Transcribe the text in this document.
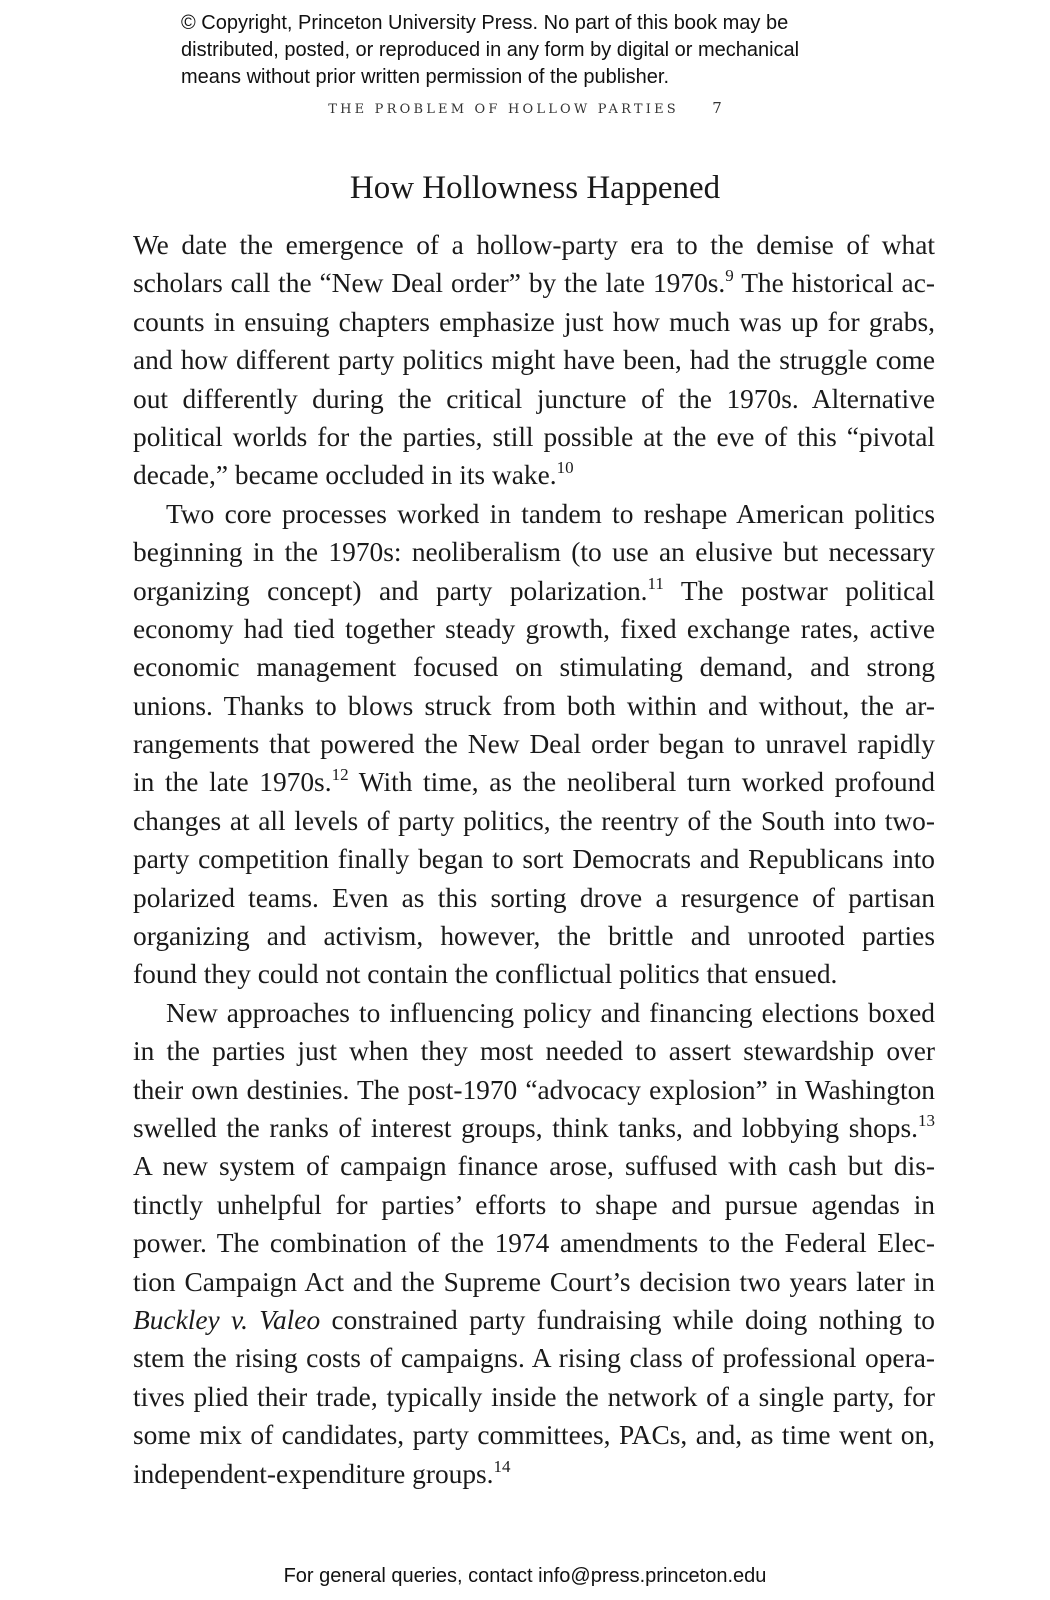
© Copyright, Princeton University Press. No part of this book may be
distributed, posted, or reproduced in any form by digital or mechanical
means without prior written permission of the publisher.
THE PROBLEM OF HOLLOW PARTIES 7
How Hollowness Happened
We date the emergence of a hollow-party era to the demise of what
scholars call the “New Deal order” by the late 1970s.$^9$ The historical ac-
counts in ensuing chapters emphasize just how much was up for grabs,
and how different party politics might have been, had the struggle come
out differently during the critical juncture of the 1970s. Alternative
political worlds for the parties, still possible at the eve of this “pivotal
decade,” became occluded in its wake.$^{10}$
Two core processes worked in tandem to reshape American politics
beginning in the 1970s: neoliberalism (to use an elusive but necessary
organizing concept) and party polarization.$^{11}$ The postwar political
economy had tied together steady growth, fixed exchange rates, active
economic management focused on stimulating demand, and strong
unions. Thanks to blows struck from both within and without, the ar-
rangements that powered the New Deal order began to unravel rapidly
in the late 1970s.$^{12}$ With time, as the neoliberal turn worked profound
changes at all levels of party politics, the reentry of the South into two-
party competition finally began to sort Democrats and Republicans into
polarized teams. Even as this sorting drove a resurgence of partisan
organizing and activism, however, the brittle and unrooted parties
found they could not contain the conflictual politics that ensued.
New approaches to influencing policy and financing elections boxed
in the parties just when they most needed to assert stewardship over
their own destinies. The post-1970 “advocacy explosion” in Washington
swelled the ranks of interest groups, think tanks, and lobbying shops.$^{13}$
A new system of campaign finance arose, suffused with cash but dis-
tinctly unhelpful for parties’ efforts to shape and pursue agendas in
power. The combination of the 1974 amendments to the Federal Elec-
tion Campaign Act and the Supreme Court’s decision two years later in
Buckley v. Valeo constrained party fundraising while doing nothing to
stem the rising costs of campaigns. A rising class of professional opera-
tives plied their trade, typically inside the network of a single party, for
some mix of candidates, party committees, PACs, and, as time went on,
independent-expenditure groups.$^{14}$
For general queries, contact info@press.princeton.edu
